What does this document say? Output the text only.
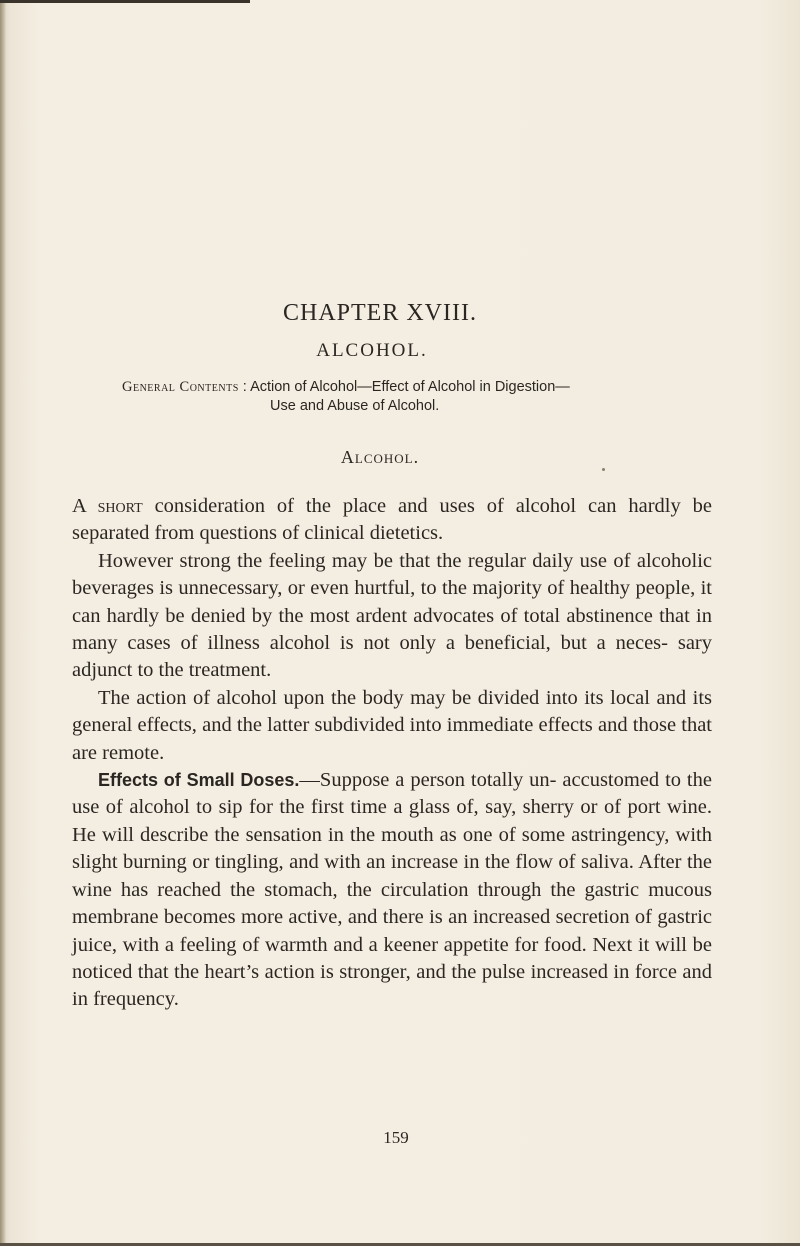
CHAPTER XVIII.
ALCOHOL.
General Contents : Action of Alcohol—Effect of Alcohol in Digestion—
Use and Abuse of Alcohol.
Alcohol.

A short consideration of the place and uses of alcohol can hardly be separated from questions of clinical dietetics.

However strong the feeling may be that the regular daily use of alcoholic beverages is unnecessary, or even hurtful, to the majority of healthy people, it can hardly be denied by the most ardent advocates of total abstinence that in many cases of illness alcohol is not only a beneficial, but a neces- sary adjunct to the treatment.

The action of alcohol upon the body may be divided into its local and its general effects, and the latter subdivided into immediate effects and those that are remote.

Effects of Small Doses.—Suppose a person totally un- accustomed to the use of alcohol to sip for the first time a glass of, say, sherry or of port wine. He will describe the sensation in the mouth as one of some astringency, with slight burning or tingling, and with an increase in the flow of saliva. After the wine has reached the stomach, the circulation through the gastric mucous membrane becomes more active, and there is an increased secretion of gastric juice, with a feeling of warmth and a keener appetite for food. Next it will be noticed that the heart’s action is stronger, and the pulse increased in force and in frequency.

159
